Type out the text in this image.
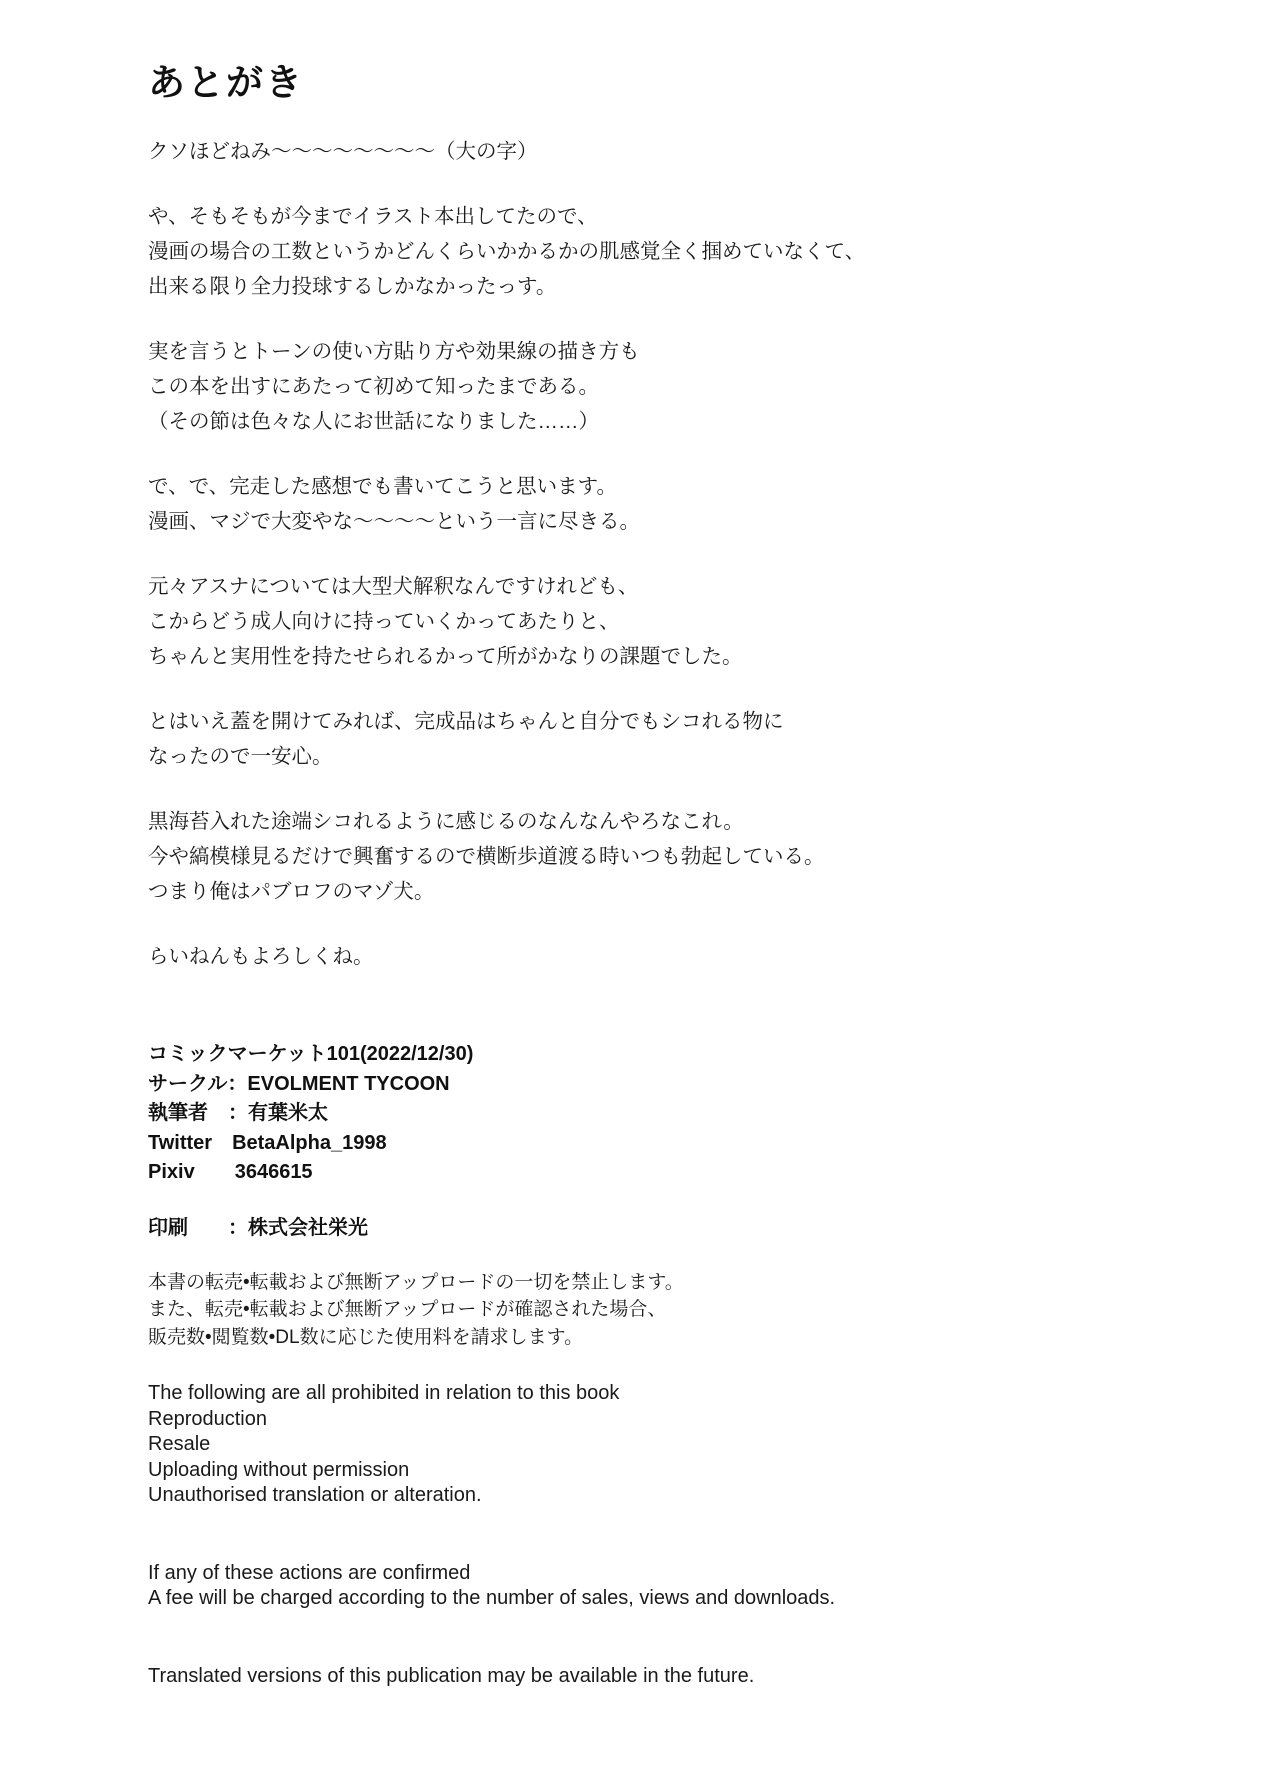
あとがき
クソほどねみ〜〜〜〜〜〜〜〜（大の字）
や、そもそもが今までイラスト本出してたので、
漫画の場合の工数というかどんくらいかかるかの肌感覚全く掴めていなくて、
出来る限り全力投球するしかなかったっす。
実を言うとトーンの使い方貼り方や効果線の描き方も
この本を出すにあたって初めて知ったまである。
（その節は色々な人にお世話になりました……）
で、で、完走した感想でも書いてこうと思います。
漫画、マジで大変やな〜〜〜〜という一言に尽きる。
元々アスナについては大型犬解釈なんですけれども、
こからどう成人向けに持っていくかってあたりと、
ちゃんと実用性を持たせられるかって所がかなりの課題でした。
とはいえ蓋を開けてみれば、完成品はちゃんと自分でもシコれる物に
なったので一安心。
黒海苔入れた途端シコれるように感じるのなんなんやろなこれ。
今や縞模様見るだけで興奮するので横断歩道渡る時いつも勃起している。
つまり俺はパブロフのマゾ犬。
らいねんもよろしくね。
コミックマーケット101(2022/12/30)
サークル：EVOLMENT TYCOON
執筆者　：有葉米太
Twitter　BetaAlpha_1998
Pixiv　　3646615
印刷　　：株式会社栄光
本書の転売•転載および無断アップロードの一切を禁止します。
また、転売•転載および無断アップロードが確認された場合、
販売数•閲覧数•DL数に応じた使用料を請求します。
The following are all prohibited in relation to this book
Reproduction
Resale
Uploading without permission
Unauthorised translation or alteration.
If any of these actions are confirmed
A fee will be charged according to the number of sales, views and downloads.
Translated versions of this publication may be available in the future.
